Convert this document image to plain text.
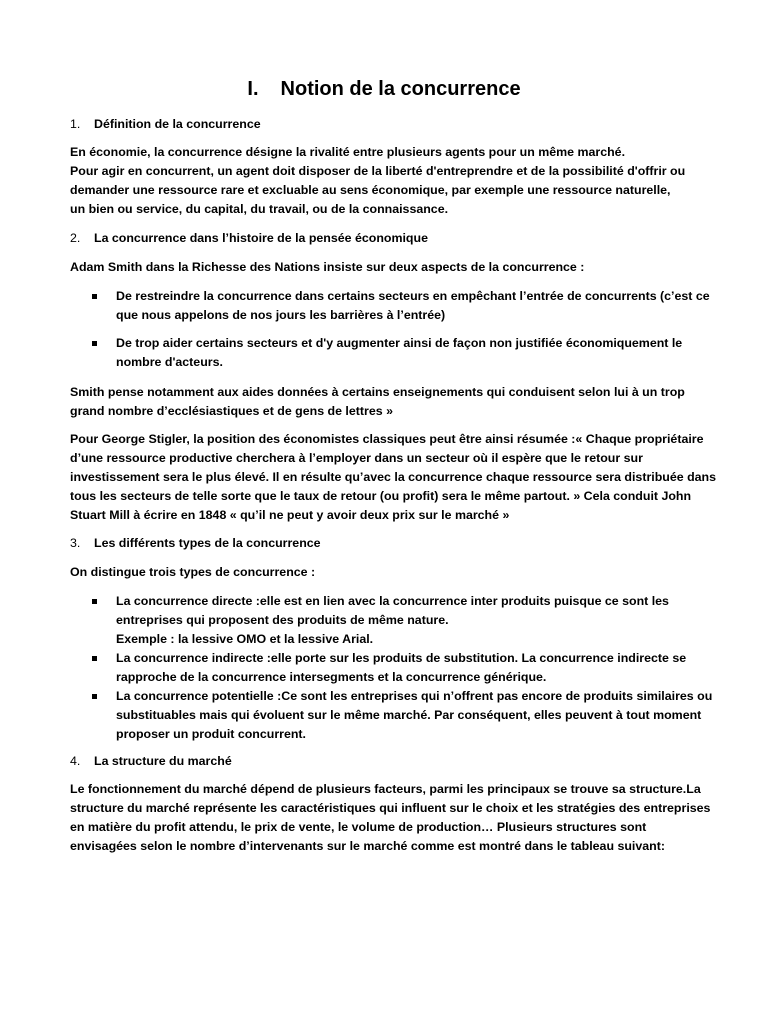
I. Notion de la concurrence
1. Définition de la concurrence
En économie, la concurrence désigne la rivalité entre plusieurs agents pour un même marché.
Pour agir en concurrent, un agent doit disposer de la liberté d'entreprendre et de la possibilité d'offrir ou
demander une ressource rare et excluable au sens économique, par exemple une ressource naturelle,
un bien ou service, du capital, du travail, ou de la connaissance.
2. La concurrence dans l’histoire de la pensée économique
Adam Smith dans la Richesse des Nations insiste sur deux aspects de la concurrence :
De restreindre la concurrence dans certains secteurs en empêchant l’entrée de concurrents (c’est ce
que nous appelons de nos jours les barrières à l’entrée)
De trop aider certains secteurs et d'y augmenter ainsi de façon non justifiée économiquement le
nombre d'acteurs.
Smith pense notamment aux aides données à certains enseignements qui conduisent selon lui à un trop
grand nombre d’ecclésiastiques et de gens de lettres »
Pour George Stigler, la position des économistes classiques peut être ainsi résumée :« Chaque propriétaire
d’une ressource productive cherchera à l’employer dans un secteur où il espère que le retour sur
investissement sera le plus élevé. Il en résulte qu’avec la concurrence chaque ressource sera distribuée dans
tous les secteurs de telle sorte que le taux de retour (ou profit) sera le même partout. » Cela conduit John
Stuart Mill à écrire en 1848 « qu’il ne peut y avoir deux prix sur le marché »
3. Les différents types de la concurrence
On distingue trois types de concurrence :
La concurrence directe :elle est en lien avec la concurrence inter produits puisque ce sont les
entreprises qui proposent des produits de même nature.
Exemple : la lessive OMO et la lessive Arial.
La concurrence indirecte :elle porte sur les produits de substitution. La concurrence indirecte se
rapproche de la concurrence intersegments et la concurrence générique.
La concurrence potentielle :Ce sont les entreprises qui n’offrent pas encore de produits similaires ou
substituables mais qui évoluent sur le même marché. Par conséquent, elles peuvent à tout moment
proposer un produit concurrent.
4. La structure du marché
Le fonctionnement du marché dépend de plusieurs facteurs, parmi les principaux se trouve sa structure.La
structure du marché représente les caractéristiques qui influent sur le choix et les stratégies des entreprises
en matière du profit attendu, le prix de vente, le volume de production… Plusieurs structures sont
envisagées selon le nombre d’intervenants sur le marché comme est montré dans le tableau suivant:
